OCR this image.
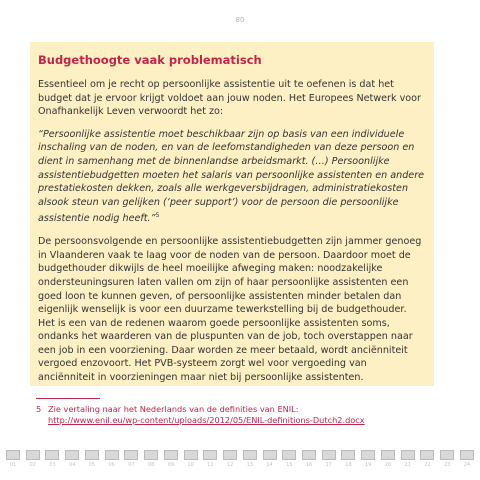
80
Budgethoogte vaak problematisch

Essentieel om je recht op persoonlijke assistentie uit te oefenen is dat het budget dat je ervoor krijgt voldoet aan jouw noden. Het Europees Netwerk voor Onafhankelijk Leven verwoordt het zo:

“Persoonlijke assistentie moet beschikbaar zijn op basis van een individuele inschaling van de noden, en van de leefomstandigheden van deze persoon en dient in samenhang met de binnenlandse arbeidsmarkt. (…) Persoonlijke assistentiebudgetten moeten het salaris van persoonlijke assistenten en andere prestatiekosten dekken, zoals alle werkgeversbijdragen, administratiekosten alsook steun van gelijken (‘peer support’) voor de persoon die persoonlijke assistentie nodig heeft.”$^5$

De persoonsvolgende en persoonlijke assistentiebudgetten zijn jammer genoeg in Vlaanderen vaak te laag voor de noden van de persoon. Daardoor moet de budgethouder dikwijls de heel moeilijke afweging maken: noodzakelijke ondersteuningsuren laten vallen om zijn of haar persoonlijke assistenten een goed loon te kunnen geven, of persoonlijke assistenten minder betalen dan eigenlijk wenselijk is voor een duurzame tewerkstelling bij de budgethouder. Het is een van de redenen waarom goede persoonlijke assistenten soms, ondanks het waarderen van de pluspunten van de job, toch overstappen naar een job in een voorziening. Daar worden ze meer betaald, wordt anciënniteit vergoed enzovoort. Het PVB-systeem zorgt wel voor vergoeding van anciënniteit in voorzieningen maar niet bij persoonlijke assistenten.

5 Zie vertaling naar het Nederlands van de definities van ENIL:
http://www.enil.eu/wp-content/uploads/2012/05/ENIL-definitions-Dutch2.docx
01	02	03	04	05	06	07	08	09	10	11	12	13	14	15	16	17	18	19	20	21	22	23	24
